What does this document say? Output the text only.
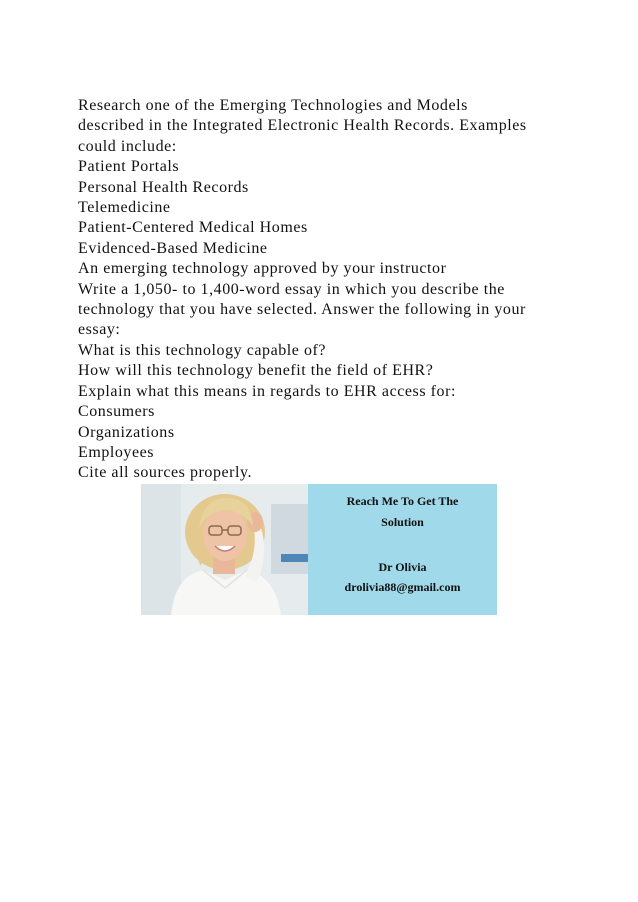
Research one of the Emerging Technologies and Models
described in the Integrated Electronic Health Records. Examples
could include:
Patient Portals
Personal Health Records
Telemedicine
Patient-Centered Medical Homes
Evidenced-Based Medicine
An emerging technology approved by your instructor
Write a 1,050- to 1,400-word essay in which you describe the
technology that you have selected. Answer the following in your
essay:
What is this technology capable of?
How will this technology benefit the field of EHR?
Explain what this means in regards to EHR access for:
Consumers
Organizations
Employees
Cite all sources properly.
Reach Me To Get The
Solution
Dr Olivia
drolivia88@gmail.com
